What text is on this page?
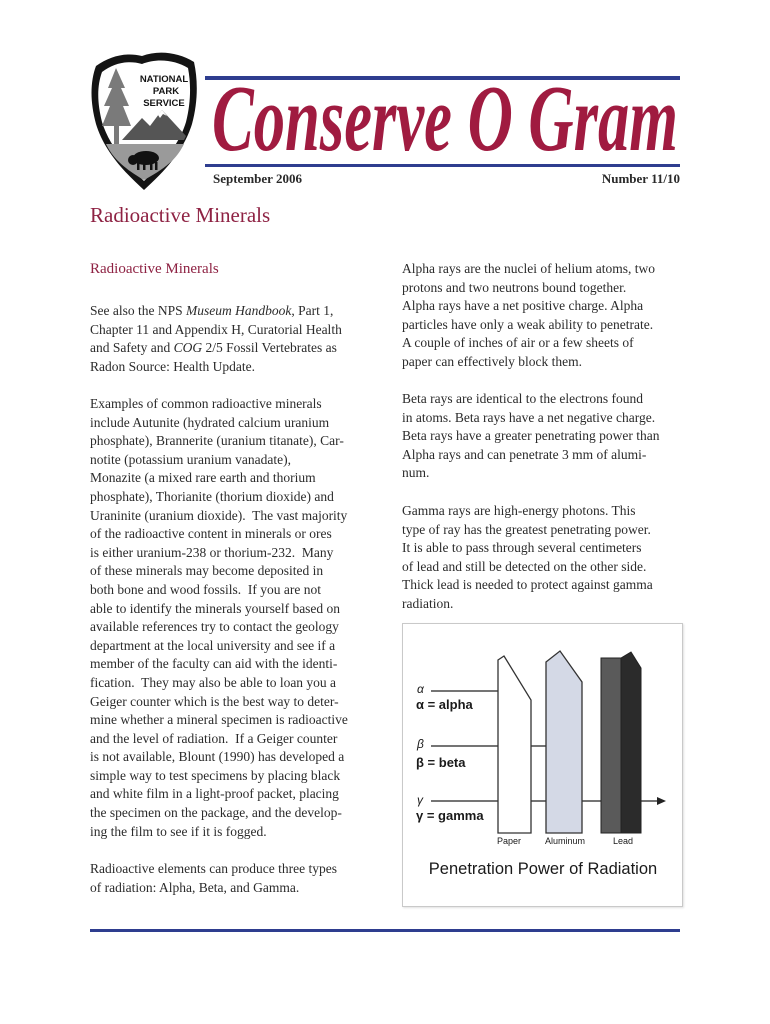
NATIONAL
PARK
SERVICE Conserve O Gram
September 2006	Number 11/10
Radioactive Minerals
Radioactive Minerals
See also the NPS Museum Handbook, Part 1,
Chapter 11 and Appendix H, Curatorial Health
and Safety and COG 2/5 Fossil Vertebrates as
Radon Source: Health Update.
Examples of common radioactive minerals
include Autunite (hydrated calcium uranium
phosphate), Brannerite (uranium titanate), Car-
notite (potassium uranium vanadate),
Monazite (a mixed rare earth and thorium
phosphate), Thorianite (thorium dioxide) and
Uraninite (uranium dioxide).  The vast majority
of the radioactive content in minerals or ores
is either uranium-238 or thorium-232.  Many
of these minerals may become deposited in
both bone and wood fossils.  If you are not
able to identify the minerals yourself based on
available references try to contact the geology
department at the local university and see if a
member of the faculty can aid with the identi-
fication.  They may also be able to loan you a
Geiger counter which is the best way to deter-
mine whether a mineral specimen is radioactive
and the level of radiation.  If a Geiger counter
is not available, Blount (1990) has developed a
simple way to test specimens by placing black
and white film in a light-proof packet, placing
the specimen on the package, and the develop-
ing the film to see if it is fogged.
Radioactive elements can produce three types
of radiation: Alpha, Beta, and Gamma.
Alpha rays are the nuclei of helium atoms, two
protons and two neutrons bound together.
Alpha rays have a net positive charge. Alpha
particles have only a weak ability to penetrate.
A couple of inches of air or a few sheets of
paper can effectively block them.
Beta rays are identical to the electrons found
in atoms. Beta rays have a net negative charge.
Beta rays have a greater penetrating power than
Alpha rays and can penetrate 3 mm of alumi-
num.
Gamma rays are high-energy photons. This
type of ray has the greatest penetrating power.
It is able to pass through several centimeters
of lead and still be detected on the other side.
Thick lead is needed to protect against gamma
radiation.
α
α = alpha
β
β = beta
γ
γ = gamma
Paper	Aluminum	Lead
Penetration Power of Radiation
